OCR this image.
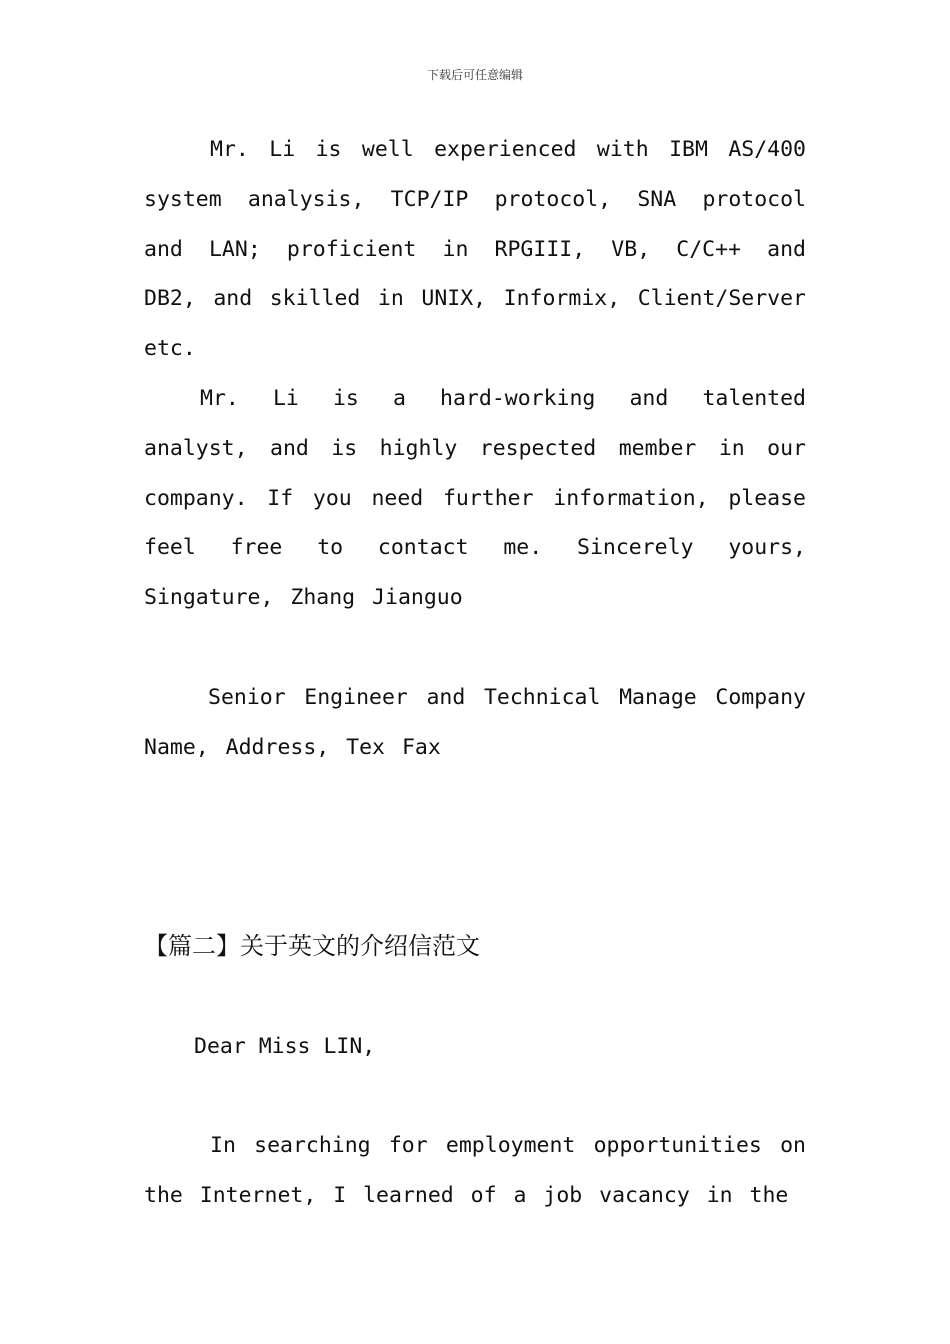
下载后可任意编辑

Mr. Li is well experienced with IBM AS/400 system analysis, TCP/IP protocol, SNA protocol and LAN; proficient in RPGIII, VB, C/C++ and DB2, and skilled in UNIX, Informix, Client/Server etc.

Mr. Li is a hard-working and talented analyst, and is highly respected member in our company. If you need further information, please feel free to contact me. Sincerely yours, Singature, Zhang Jianguo

Senior Engineer and Technical Manage Company Name, Address, Tex Fax

【篇二】关于英文的介绍信范文
Dear Miss LIN,

In searching for employment opportunities on the Internet, I learned of a job vacancy in the
